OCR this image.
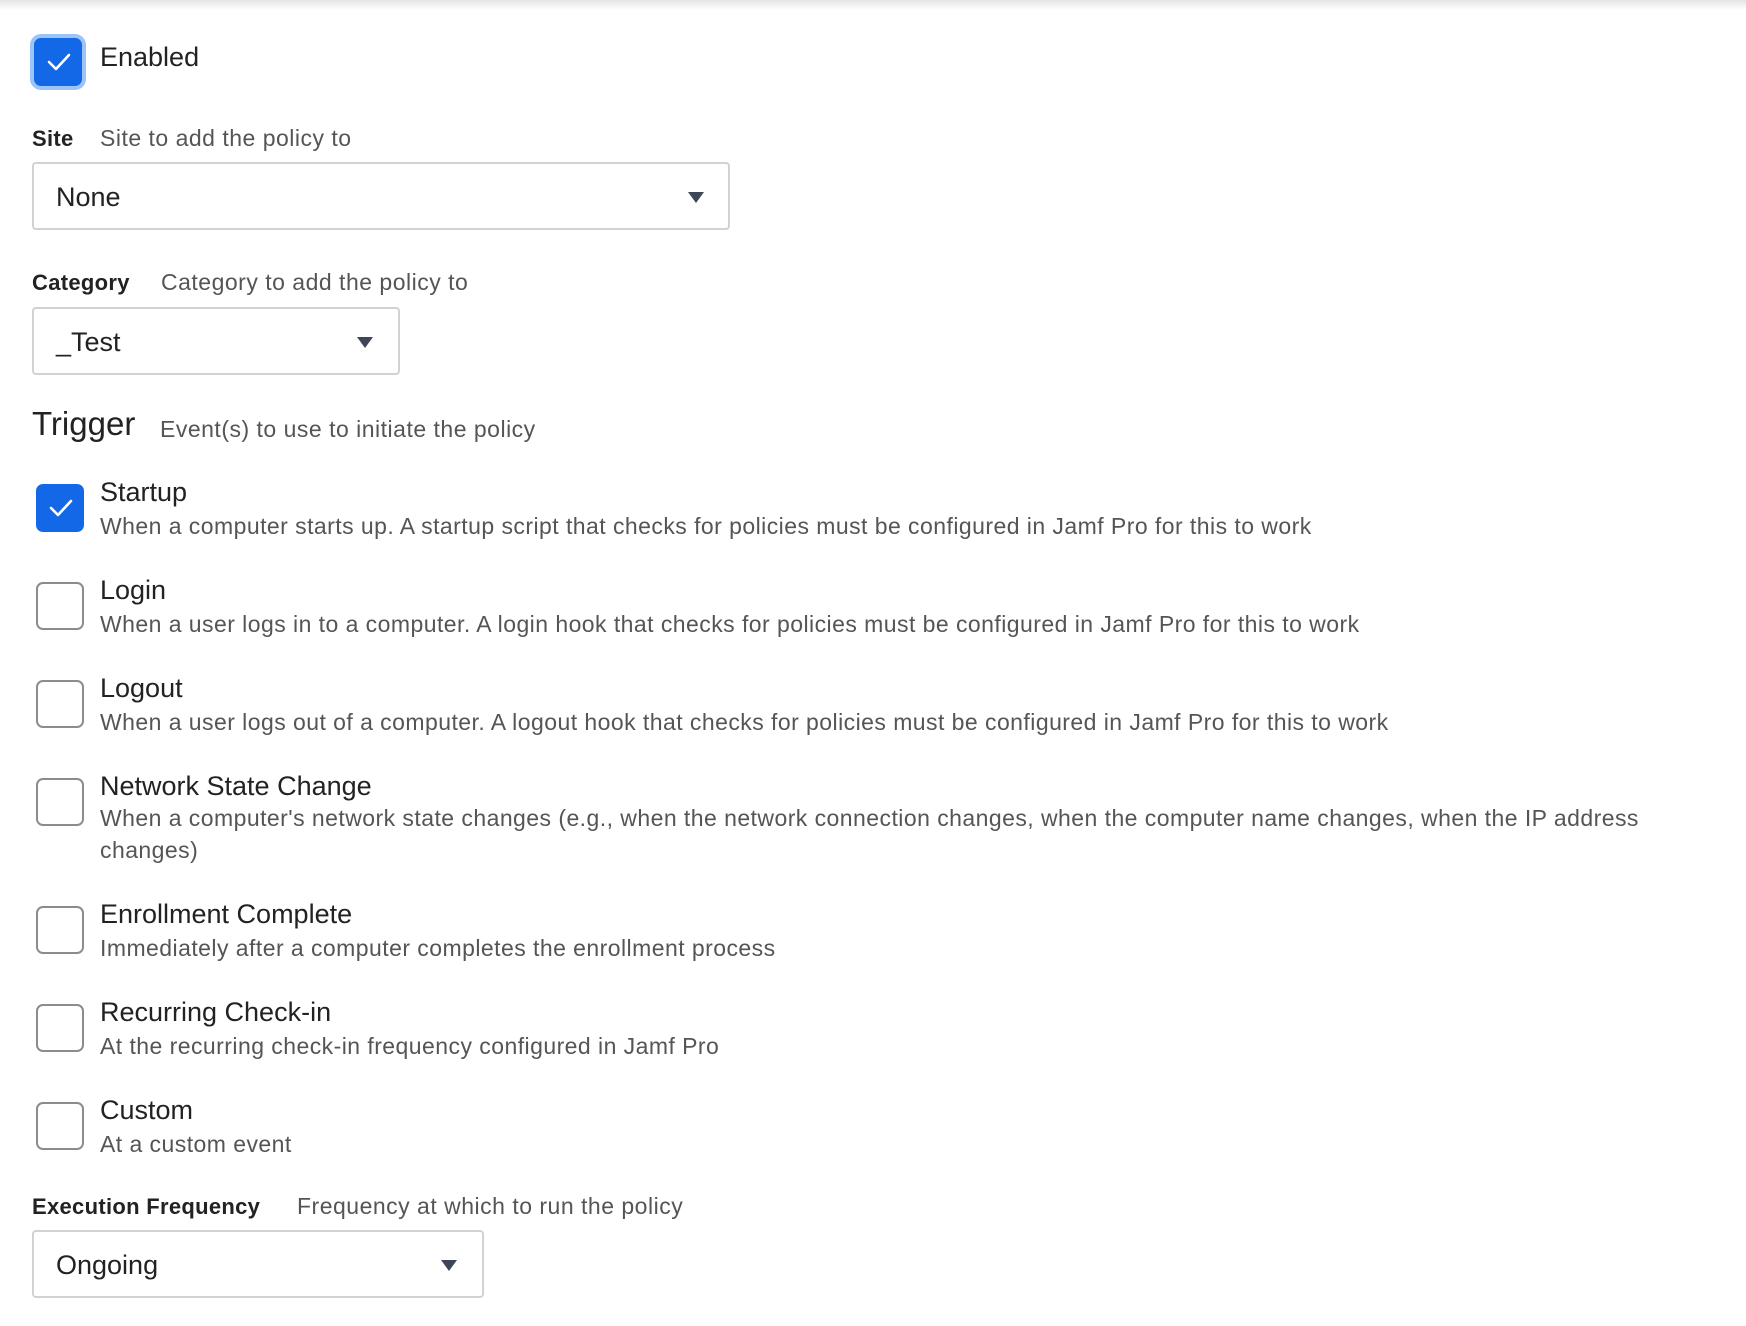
Enabled
Site Site to add the policy to
None
Category Category to add the policy to
_Test
Trigger Event(s) to use to initiate the policy
Startup
When a computer starts up. A startup script that checks for policies must be configured in Jamf Pro for this to work
Login
When a user logs in to a computer. A login hook that checks for policies must be configured in Jamf Pro for this to work
Logout
When a user logs out of a computer. A logout hook that checks for policies must be configured in Jamf Pro for this to work
Network State Change
When a computer's network state changes (e.g., when the network connection changes, when the computer name changes, when the IP address changes)
Enrollment Complete
Immediately after a computer completes the enrollment process
Recurring Check-in
At the recurring check-in frequency configured in Jamf Pro
Custom
At a custom event
Execution Frequency Frequency at which to run the policy
Ongoing
